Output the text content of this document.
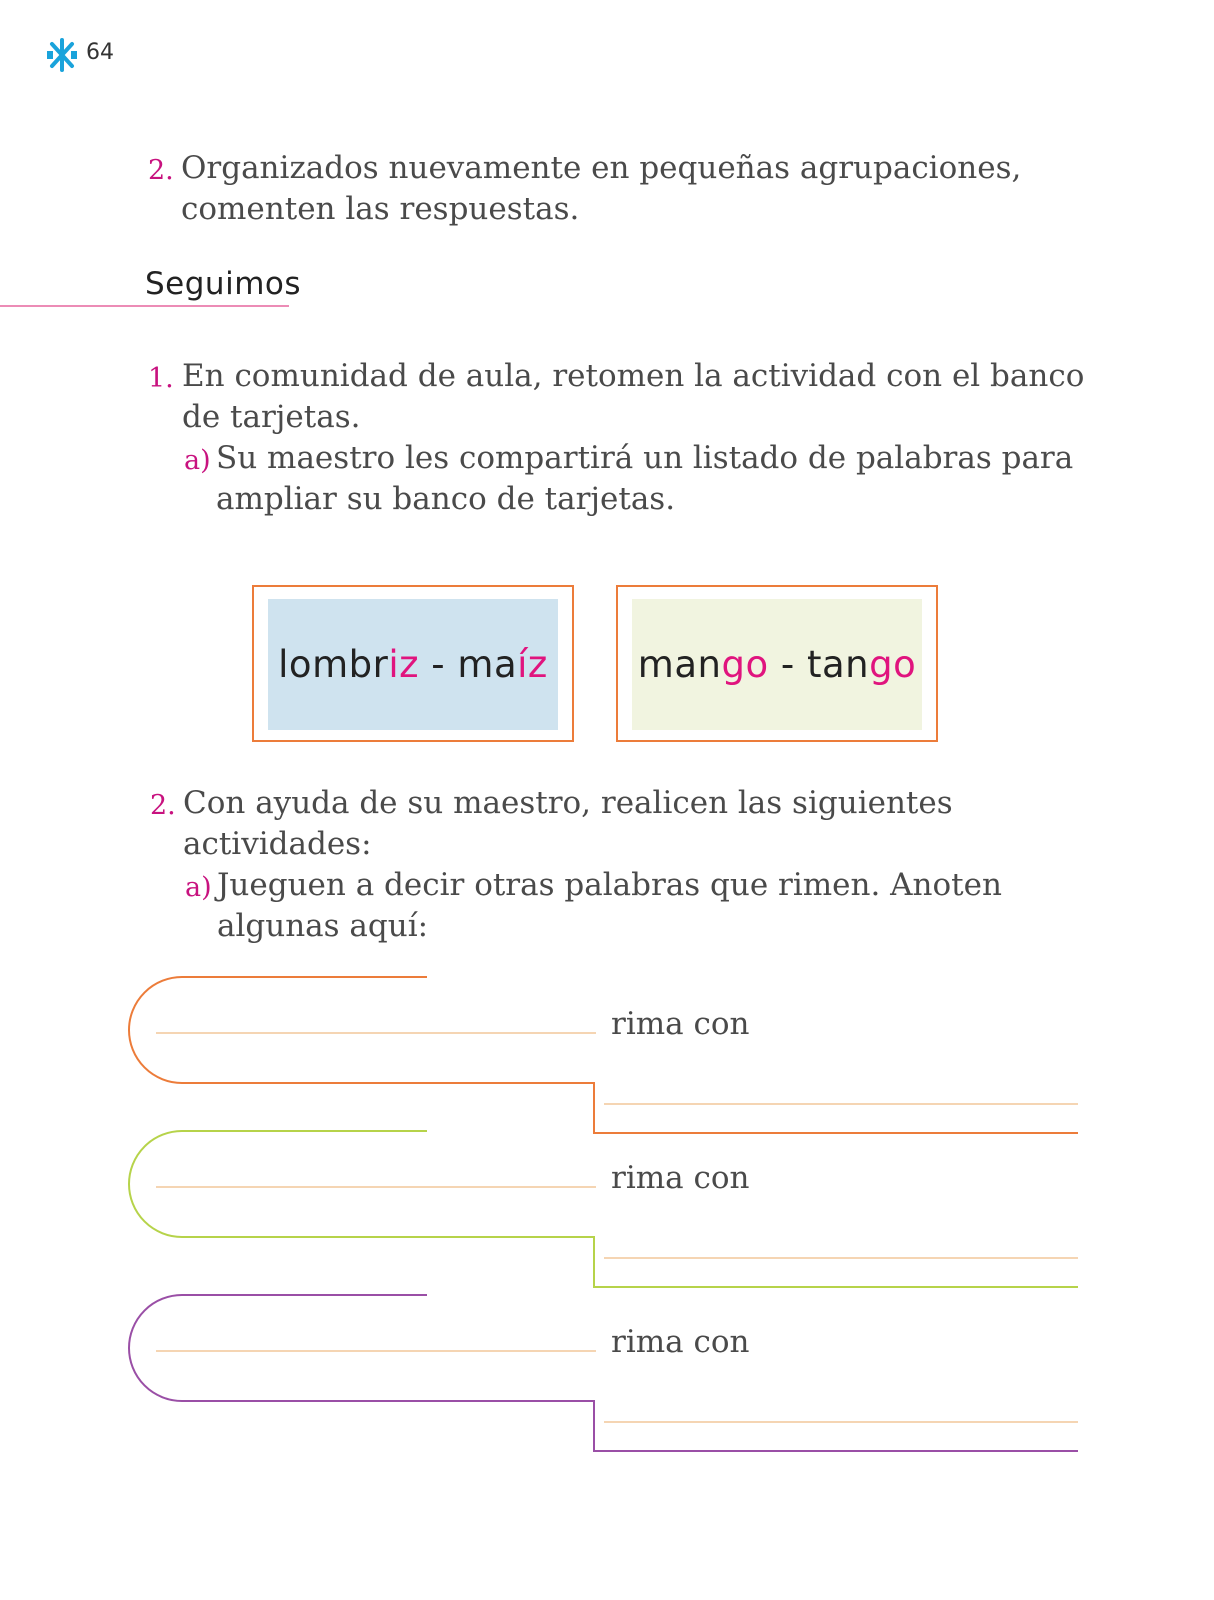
64
2. Organizados nuevamente en pequeñas agrupaciones,
comenten las respuestas.
Seguimos
1. En comunidad de aula, retomen la actividad con el banco
de tarjetas.
a) Su maestro les compartirá un listado de palabras para
ampliar su banco de tarjetas.
lombriz - maíz mango - tango
2. Con ayuda de su maestro, realicen las siguientes
actividades:
a) Jueguen a decir otras palabras que rimen. Anoten
algunas aquí:
rima con
rima con
rima con
